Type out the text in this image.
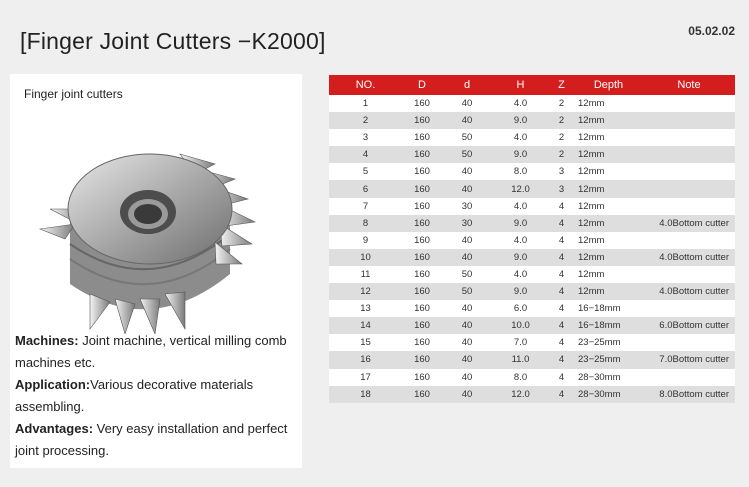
[Finger Joint Cutters −K2000]	05.02.02
Finger joint cutters

Machines: Joint machine, vertical milling comb machines etc.

Application:Various decorative materials assembling.

Advantages: Very easy installation and perfect joint processing.

NO.	D	d	H	Z	Depth	Note
1	160	40	4.0	2	12mm	
2	160	40	9.0	2	12mm	
3	160	50	4.0	2	12mm	
4	160	50	9.0	2	12mm	
5	160	40	8.0	3	12mm	
6	160	40	12.0	3	12mm	
7	160	30	4.0	4	12mm	
8	160	30	9.0	4	12mm	4.0Bottom cutter
9	160	40	4.0	4	12mm	
10	160	40	9.0	4	12mm	4.0Bottom cutter
11	160	50	4.0	4	12mm	
12	160	50	9.0	4	12mm	4.0Bottom cutter
13	160	40	6.0	4	16−18mm	
14	160	40	10.0	4	16−18mm	6.0Bottom cutter
15	160	40	7.0	4	23−25mm	
16	160	40	11.0	4	23−25mm	7.0Bottom cutter
17	160	40	8.0	4	28−30mm	
18	160	40	12.0	4	28−30mm	8.0Bottom cutter
